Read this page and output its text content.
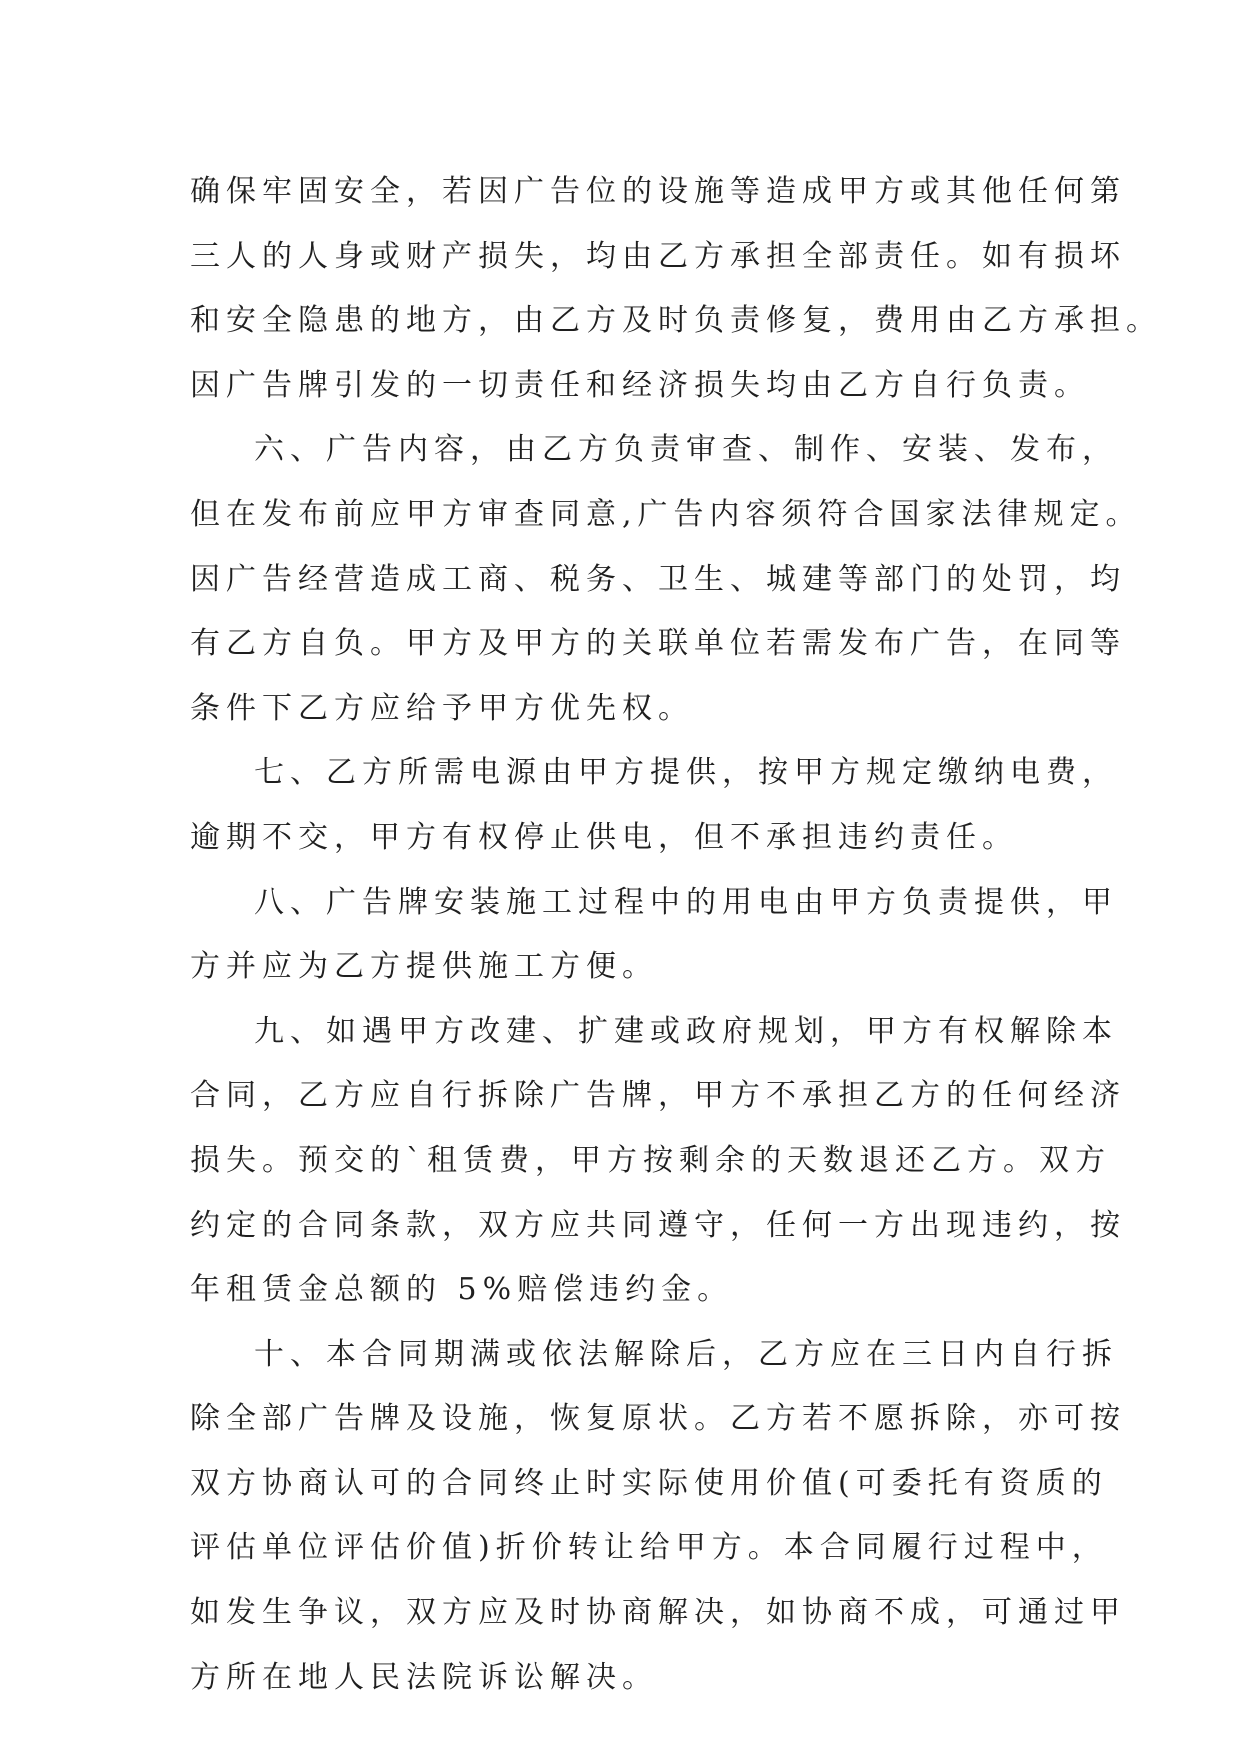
确保牢固安全，若因广告位的设施等造成甲方或其他任何第
三人的人身或财产损失，均由乙方承担全部责任。如有损坏
和安全隐患的地方，由乙方及时负责修复，费用由乙方承担。
因广告牌引发的一切责任和经济损失均由乙方自行负责。
六、广告内容，由乙方负责审查、制作、安装、发布，
但在发布前应甲方审查同意,广告内容须符合国家法律规定。
因广告经营造成工商、税务、卫生、城建等部门的处罚，均
有乙方自负。甲方及甲方的关联单位若需发布广告，在同等
条件下乙方应给予甲方优先权。
七、乙方所需电源由甲方提供，按甲方规定缴纳电费，
逾期不交，甲方有权停止供电，但不承担违约责任。
八、广告牌安装施工过程中的用电由甲方负责提供，甲
方并应为乙方提供施工方便。
九、如遇甲方改建、扩建或政府规划，甲方有权解除本
合同，乙方应自行拆除广告牌，甲方不承担乙方的任何经济
损失。预交的`租赁费，甲方按剩余的天数退还乙方。双方
约定的合同条款，双方应共同遵守，任何一方出现违约，按
年租赁金总额的 5%赔偿违约金。
十、本合同期满或依法解除后，乙方应在三日内自行拆
除全部广告牌及设施，恢复原状。乙方若不愿拆除，亦可按
双方协商认可的合同终止时实际使用价值(可委托有资质的
评估单位评估价值)折价转让给甲方。本合同履行过程中，
如发生争议，双方应及时协商解决，如协商不成，可通过甲
方所在地人民法院诉讼解决。
